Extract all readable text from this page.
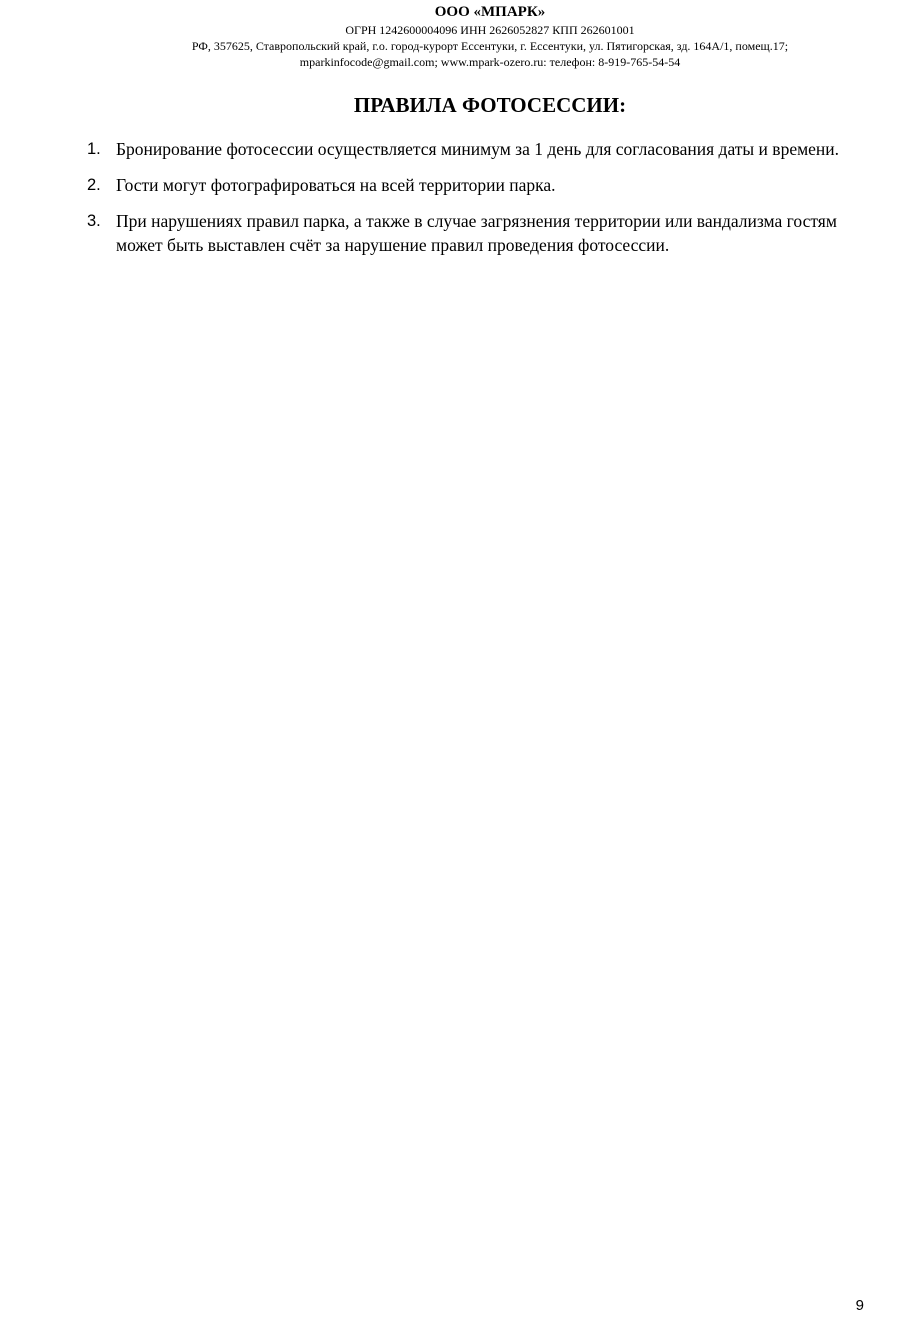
ООО «МПАРК»
ОГРН 1242600004096 ИНН 2626052827 КПП 262601001
РФ, 357625, Ставропольский край, г.о. город-курорт Ессентуки, г. Ессентуки, ул. Пятигорская, зд. 164А/1, помещ.17;
mparkinfocode@gmail.com; www.mpark-ozero.ru: телефон: 8-919-765-54-54
ПРАВИЛА ФОТОСЕССИИ:
1. Бронирование фотосессии осуществляется минимум за 1 день для согласования даты и времени.
2. Гости могут фотографироваться на всей территории парка.
3. При нарушениях правил парка, а также в случае загрязнения территории или вандализма гостям может быть выставлен счёт за нарушение правил проведения фотосессии.
9
